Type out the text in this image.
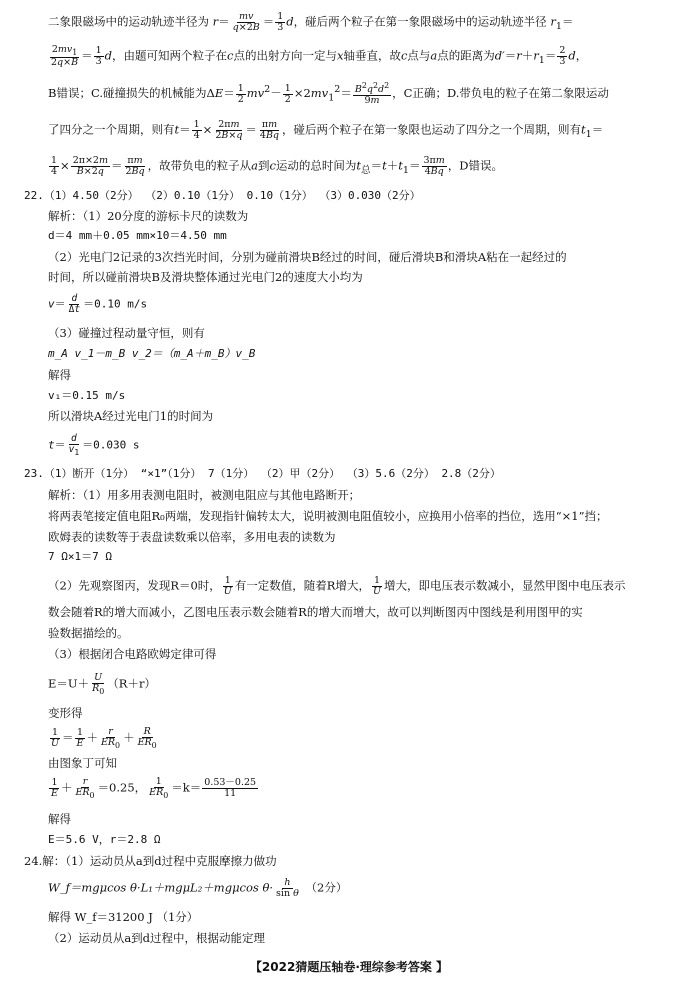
二象限磁场中的运动轨迹半径为 $r= \frac{mv}{q\times 2B} = \frac{1}{3}$ d，碰后两个粒子在第一象限磁场中的运动轨迹半径 $r_1=$
$\frac{2mv_1}{2q\times B} = \frac{1}{3}$ d，由题可知两个粒子在c点的出射方向一定与x轴垂直，故c点与a点的距离为$d'=r+r_1= \frac{2}{3}$ d，
B错误；C.碰撞损失的机械能为$\Delta E= \frac{1}{2} mv^2- \frac{1}{2} \times 2mv_1^2= \frac{B^2q^2d^2}{9m}$ ，C正确；D.带负电的粒子在第二象限运动
了四分之一个周期，则有$t= \frac{1}{4} \times \frac{2\pi m}{2B\times q} = \frac{\pi m}{4Bq}$ ，碰后两个粒子在第一象限也运动了四分之一个周期，则有$t_1=$
$\frac{1}{4} \times \frac{2\pi\times 2m}{B\times 2q} = \frac{\pi m}{2Bq}$ ，故带负电的粒子从a到c运动的总时间为$t_总=t+t_1= \frac{3\pi m}{4Bq}$ ，D错误。
22.（1）4.50（2分） （2）0.10（1分） 0.10（1分） （3）0.030（2分）
解析：（1）20分度的游标卡尺的读数为
d＝4 mm＋0.05 mm×10＝4.50 mm
（2）光电门2记录的3次挡光时间，分别为碰前滑块B经过的时间，碰后滑块B和滑块A粘在一起经过的
时间，所以碰前滑块B及滑块整体通过光电门2的速度大小均为
$v= \frac{d}{\Delta t} =0.10$ m/s
（3）碰撞过程动量守恒，则有
m_A v_1－m_B v_2＝（m_A＋m_B）v_B
解得
v₁＝0.15 m/s
所以滑块A经过光电门1的时间为
$t= \frac{d}{v_1} =0.030$ s
23.（1）断开（1分） “×1”（1分） 7（1分） （2）甲（2分） （3）5.6（2分） 2.8（2分）
解析：（1）用多用表测电阻时，被测电阻应与其他电路断开；
将两表笔接定值电阻R₀两端，发现指针偏转太大，说明被测电阻值较小，应换用小倍率的挡位，选用“×1”挡；
欧姆表的读数等于表盘读数乘以倍率，多用电表的读数为
7 Ω×1＝7 Ω
（2）先观察图丙，发现R＝0时， $\frac{1}{U}$ 有一定数值，随着R增大， $\frac{1}{U}$ 增大，即电压表示数减小，显然甲图中电压表示
数会随着R的增大而减小，乙图电压表示数会随着R的增大而增大，故可以判断图丙中图线是利用图甲的实
验数据描绘的。
（3）根据闭合电路欧姆定律可得
$E=U+ \frac{U}{R_0} (R+r)$
变形得
$\frac{1}{U} = \frac{1}{E} + \frac{r}{ER_0} + \frac{R}{ER_0}$
由图象丁可知
$\frac{1}{E} + \frac{r}{ER_0} =0.25$， $\frac{1}{ER_0} =k= \frac{0.53-0.25}{11}$
解得
E＝5.6 V，r＝2.8 Ω
24.解：（1）运动员从a到d过程中克服摩擦力做功
W_f＝mgμcos θ·L₁＋mgμL₂＋mgμcos $\theta\cdot \frac{h}{\text{sin θ}} (2$分）
解得 W_f＝31200 J （1分）
（2）运动员从a到d过程中，根据动能定理
【2022猜题压轴卷·理综参考答案 】
